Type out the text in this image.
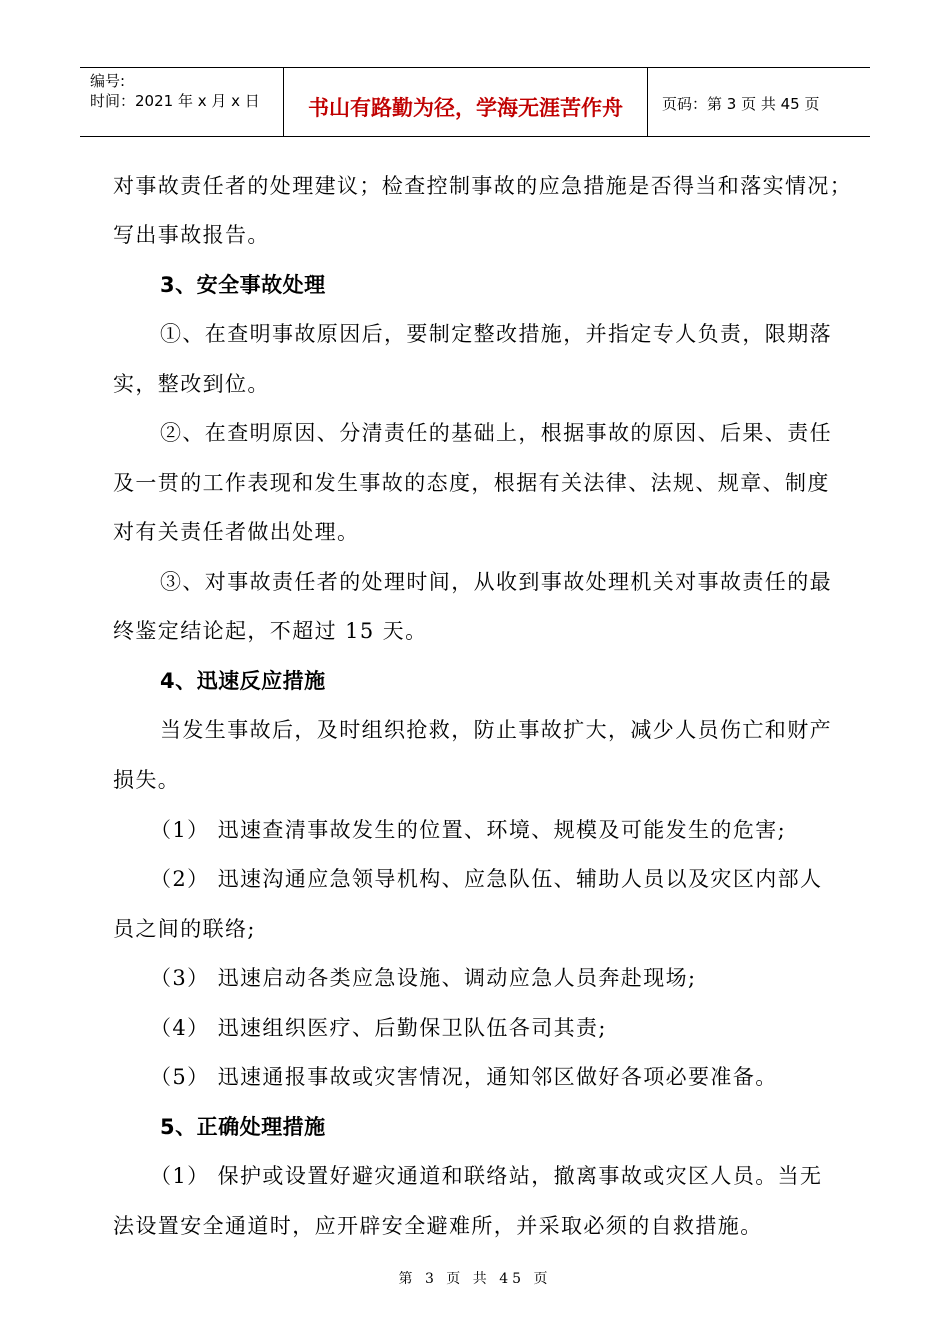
编号:
时间：2021 年 x 月 x 日	书山有路勤为径，学海无涯苦作舟	页码：第 3 页 共 45 页
对事故责任者的处理建议；检查控制事故的应急措施是否得当和落实情况；
写出事故报告。
3、安全事故处理
①、在查明事故原因后，要制定整改措施，并指定专人负责，限期落
实，整改到位。
②、在查明原因、分清责任的基础上，根据事故的原因、后果、责任
及一贯的工作表现和发生事故的态度，根据有关法律、法规、规章、制度
对有关责任者做出处理。
③、对事故责任者的处理时间，从收到事故处理机关对事故责任的最
终鉴定结论起，不超过 15 天。
4、迅速反应措施
当发生事故后，及时组织抢救，防止事故扩大，减少人员伤亡和财产
损失。
（1） 迅速查清事故发生的位置、环境、规模及可能发生的危害;
（2） 迅速沟通应急领导机构、应急队伍、辅助人员以及灾区内部人
员之间的联络;
（3） 迅速启动各类应急设施、调动应急人员奔赴现场;
（4） 迅速组织医疗、后勤保卫队伍各司其责;
（5） 迅速通报事故或灾害情况，通知邻区做好各项必要准备。
5、正确处理措施
（1） 保护或设置好避灾通道和联络站，撤离事故或灾区人员。当无
法设置安全通道时，应开辟安全避难所，并采取必须的自救措施。
第 3 页 共 45 页
